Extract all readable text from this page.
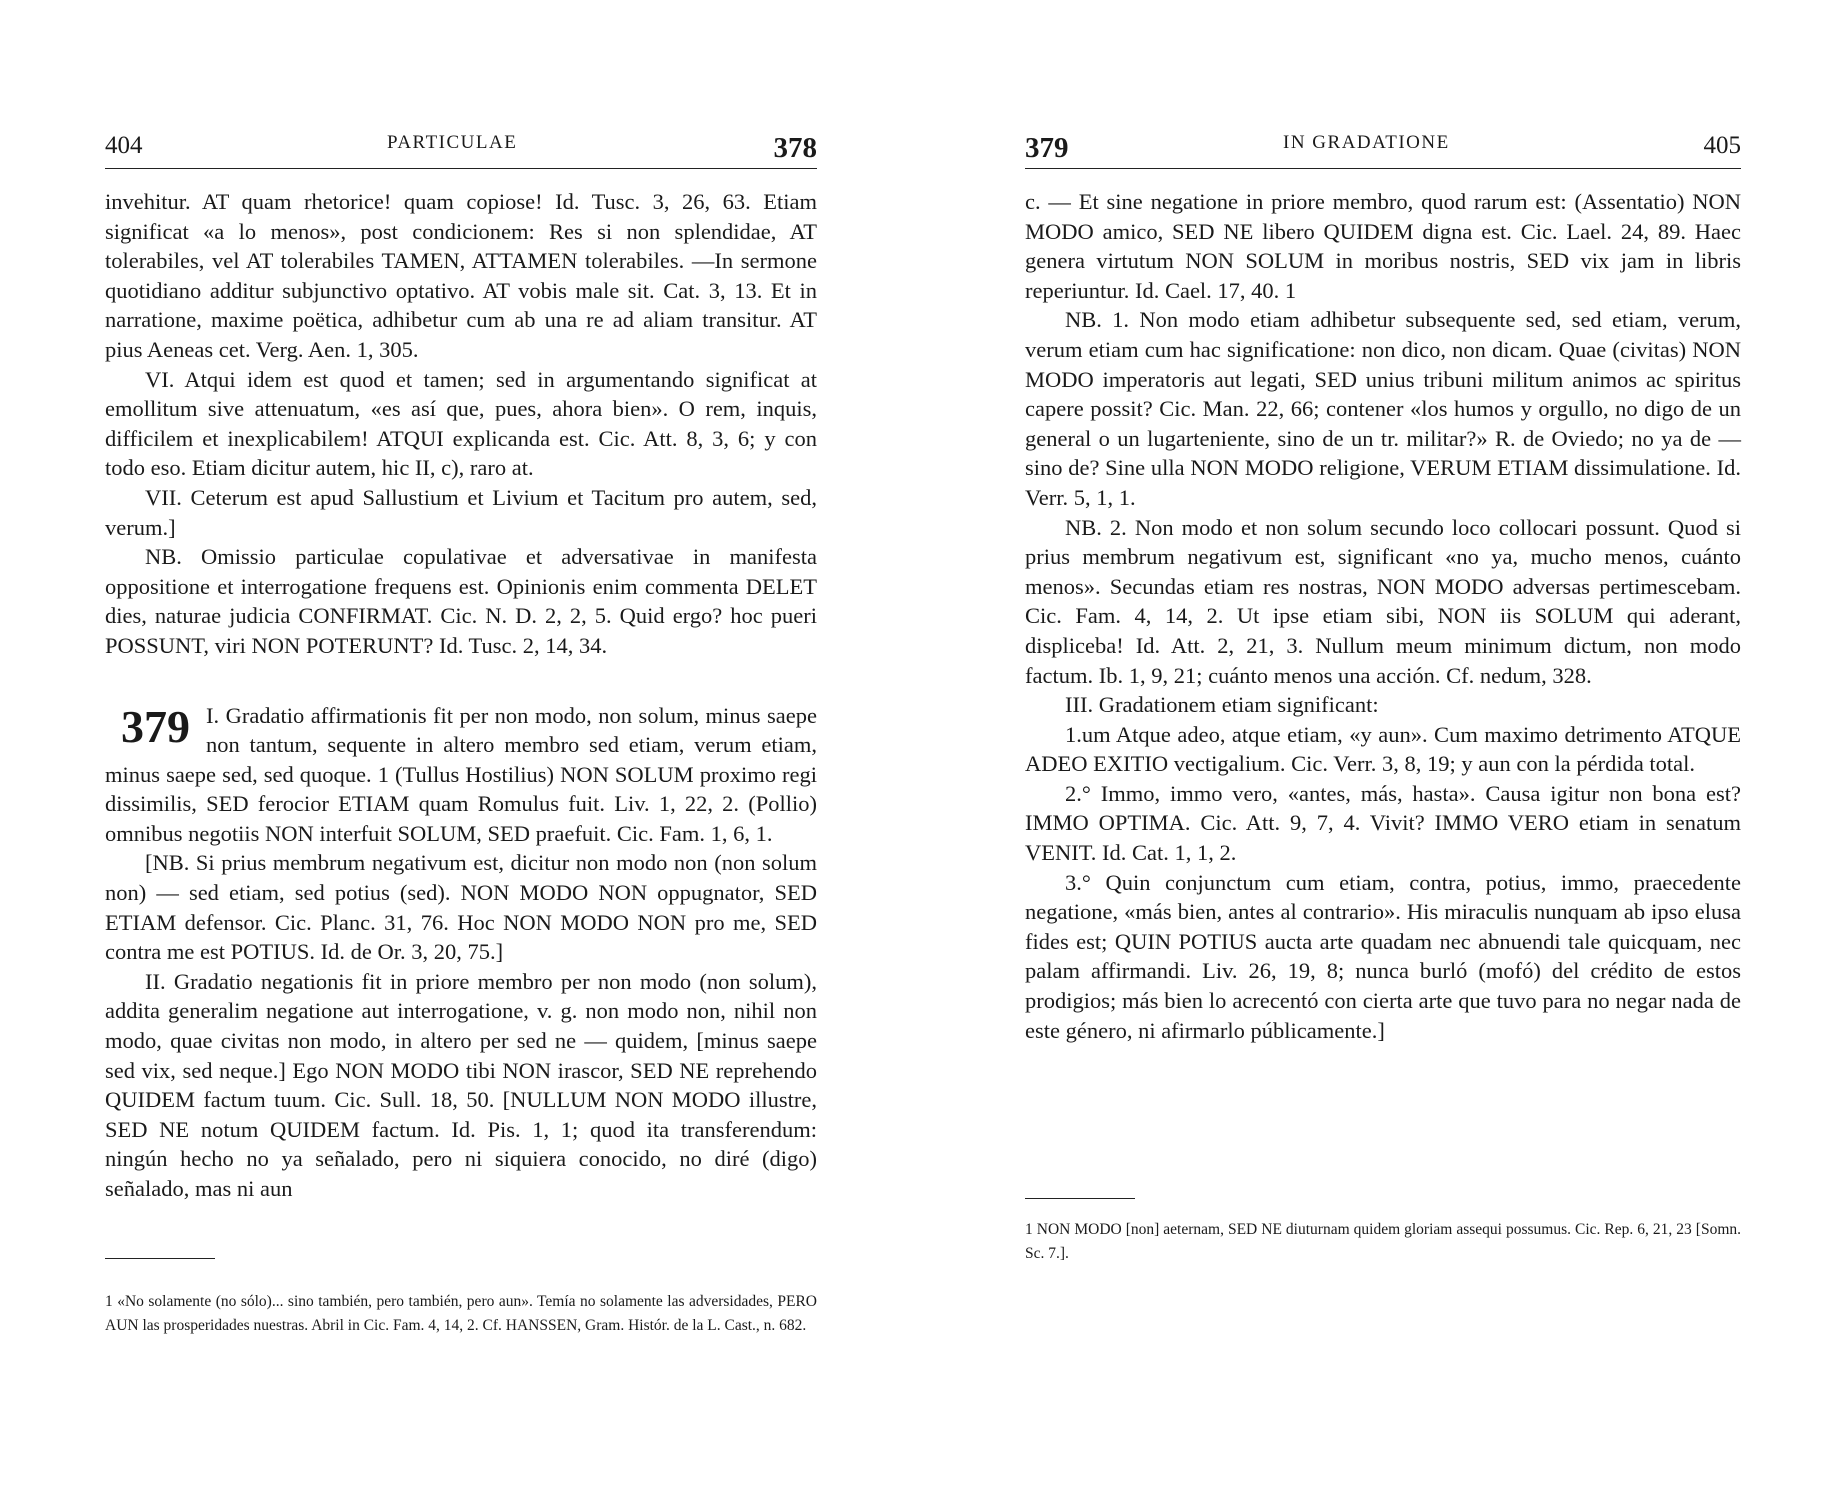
404	PARTICULAE	378

invehitur. AT quam rhetorice! quam copiose! Id. Tusc. 3, 26, 63. Etiam significat «a lo menos», post condicionem: Res si non splendidae, AT tolerabiles, vel AT tolerabiles TAMEN, ATTAMEN tolerabiles. —In sermone quotidiano additur subjunctivo optativo. AT vobis male sit. Cat. 3, 13. Et in narratione, maxime poëtica, adhibetur cum ab una re ad aliam transitur. AT pius Aeneas cet. Verg. Aen. 1, 305.

VI. Atqui idem est quod et tamen; sed in argumentando significat at emollitum sive attenuatum, «es así que, pues, ahora bien». O rem, inquis, difficilem et inexplicabilem! ATQUI explicanda est. Cic. Att. 8, 3, 6; y con todo eso. Etiam dicitur autem, hic II, c), raro at.

VII. Ceterum est apud Sallustium et Livium et Tacitum pro autem, sed, verum.]

NB. Omissio particulae copulativae et adversativae in manifesta oppositione et interrogatione frequens est. Opinionis enim commenta DELET dies, naturae judicia CONFIRMAT. Cic. N. D. 2, 2, 5. Quid ergo? hoc pueri POSSUNT, viri NON POTERUNT? Id. Tusc. 2, 14, 34.

379 I. Gradatio affirmationis fit per non modo, non solum, minus saepe non tantum, sequente in altero membro sed etiam, verum etiam, minus saepe sed, sed quoque. 1 (Tullus Hostilius) NON SOLUM proximo regi dissimilis, SED ferocior ETIAM quam Romulus fuit. Liv. 1, 22, 2. (Pollio) omnibus negotiis NON interfuit SOLUM, SED praefuit. Cic. Fam. 1, 6, 1.

[NB. Si prius membrum negativum est, dicitur non modo non (non solum non) — sed etiam, sed potius (sed). NON MODO NON oppugnator, SED ETIAM defensor. Cic. Planc. 31, 76. Hoc NON MODO NON pro me, SED contra me est POTIUS. Id. de Or. 3, 20, 75.]

II. Gradatio negationis fit in priore membro per non modo (non solum), addita generalim negatione aut interrogatione, v. g. non modo non, nihil non modo, quae civitas non modo, in altero per sed ne — quidem, [minus saepe sed vix, sed neque.] Ego NON MODO tibi NON irascor, SED NE reprehendo QUIDEM factum tuum. Cic. Sull. 18, 50. [NULLUM NON MODO illustre, SED NE notum QUIDEM factum. Id. Pis. 1, 1; quod ita transferendum: ningún hecho no ya señalado, pero ni siquiera conocido, no diré (digo) señalado, mas ni aun

1 «No solamente (no sólo)... sino también, pero también, pero aun». Temía no solamente las adversidades, PERO AUN las prosperidades nuestras. Abril in Cic. Fam. 4, 14, 2. Cf. HANSSEN, Gram. Histór. de la L. Cast., n. 682.

379	IN GRADATIONE	405

c. — Et sine negatione in priore membro, quod rarum est: (Assentatio) NON MODO amico, SED NE libero QUIDEM digna est. Cic. Lael. 24, 89. Haec genera virtutum NON SOLUM in moribus nostris, SED vix jam in libris reperiuntur. Id. Cael. 17, 40. 1

NB. 1. Non modo etiam adhibetur subsequente sed, sed etiam, verum, verum etiam cum hac significatione: non dico, non dicam. Quae (civitas) NON MODO imperatoris aut legati, SED unius tribuni militum animos ac spiritus capere possit? Cic. Man. 22, 66; contener «los humos y orgullo, no digo de un general o un lugarteniente, sino de un tr. militar?» R. de Oviedo; no ya de — sino de? Sine ulla NON MODO religione, VERUM ETIAM dissimulatione. Id. Verr. 5, 1, 1.

NB. 2. Non modo et non solum secundo loco collocari possunt. Quod si prius membrum negativum est, significant «no ya, mucho menos, cuánto menos». Secundas etiam res nostras, NON MODO adversas pertimescebam. Cic. Fam. 4, 14, 2. Ut ipse etiam sibi, NON iis SOLUM qui aderant, displiceba! Id. Att. 2, 21, 3. Nullum meum minimum dictum, non modo factum. Ib. 1, 9, 21; cuánto menos una acción. Cf. nedum, 328.

III. Gradationem etiam significant:

1.um Atque adeo, atque etiam, «y aun». Cum maximo detrimento ATQUE ADEO EXITIO vectigalium. Cic. Verr. 3, 8, 19; y aun con la pérdida total.

2.° Immo, immo vero, «antes, más, hasta». Causa igitur non bona est? IMMO OPTIMA. Cic. Att. 9, 7, 4. Vivit? IMMO VERO etiam in senatum VENIT. Id. Cat. 1, 1, 2.

3.° Quin conjunctum cum etiam, contra, potius, immo, praecedente negatione, «más bien, antes al contrario». His miraculis nunquam ab ipso elusa fides est; QUIN POTIUS aucta arte quadam nec abnuendi tale quicquam, nec palam affirmandi. Liv. 26, 19, 8; nunca burló (mofó) del crédito de estos prodigios; más bien lo acrecentó con cierta arte que tuvo para no negar nada de este género, ni afirmarlo públicamente.]

1 NON MODO [non] aeternam, SED NE diuturnam quidem gloriam assequi possumus. Cic. Rep. 6, 21, 23 [Somn. Sc. 7.].
